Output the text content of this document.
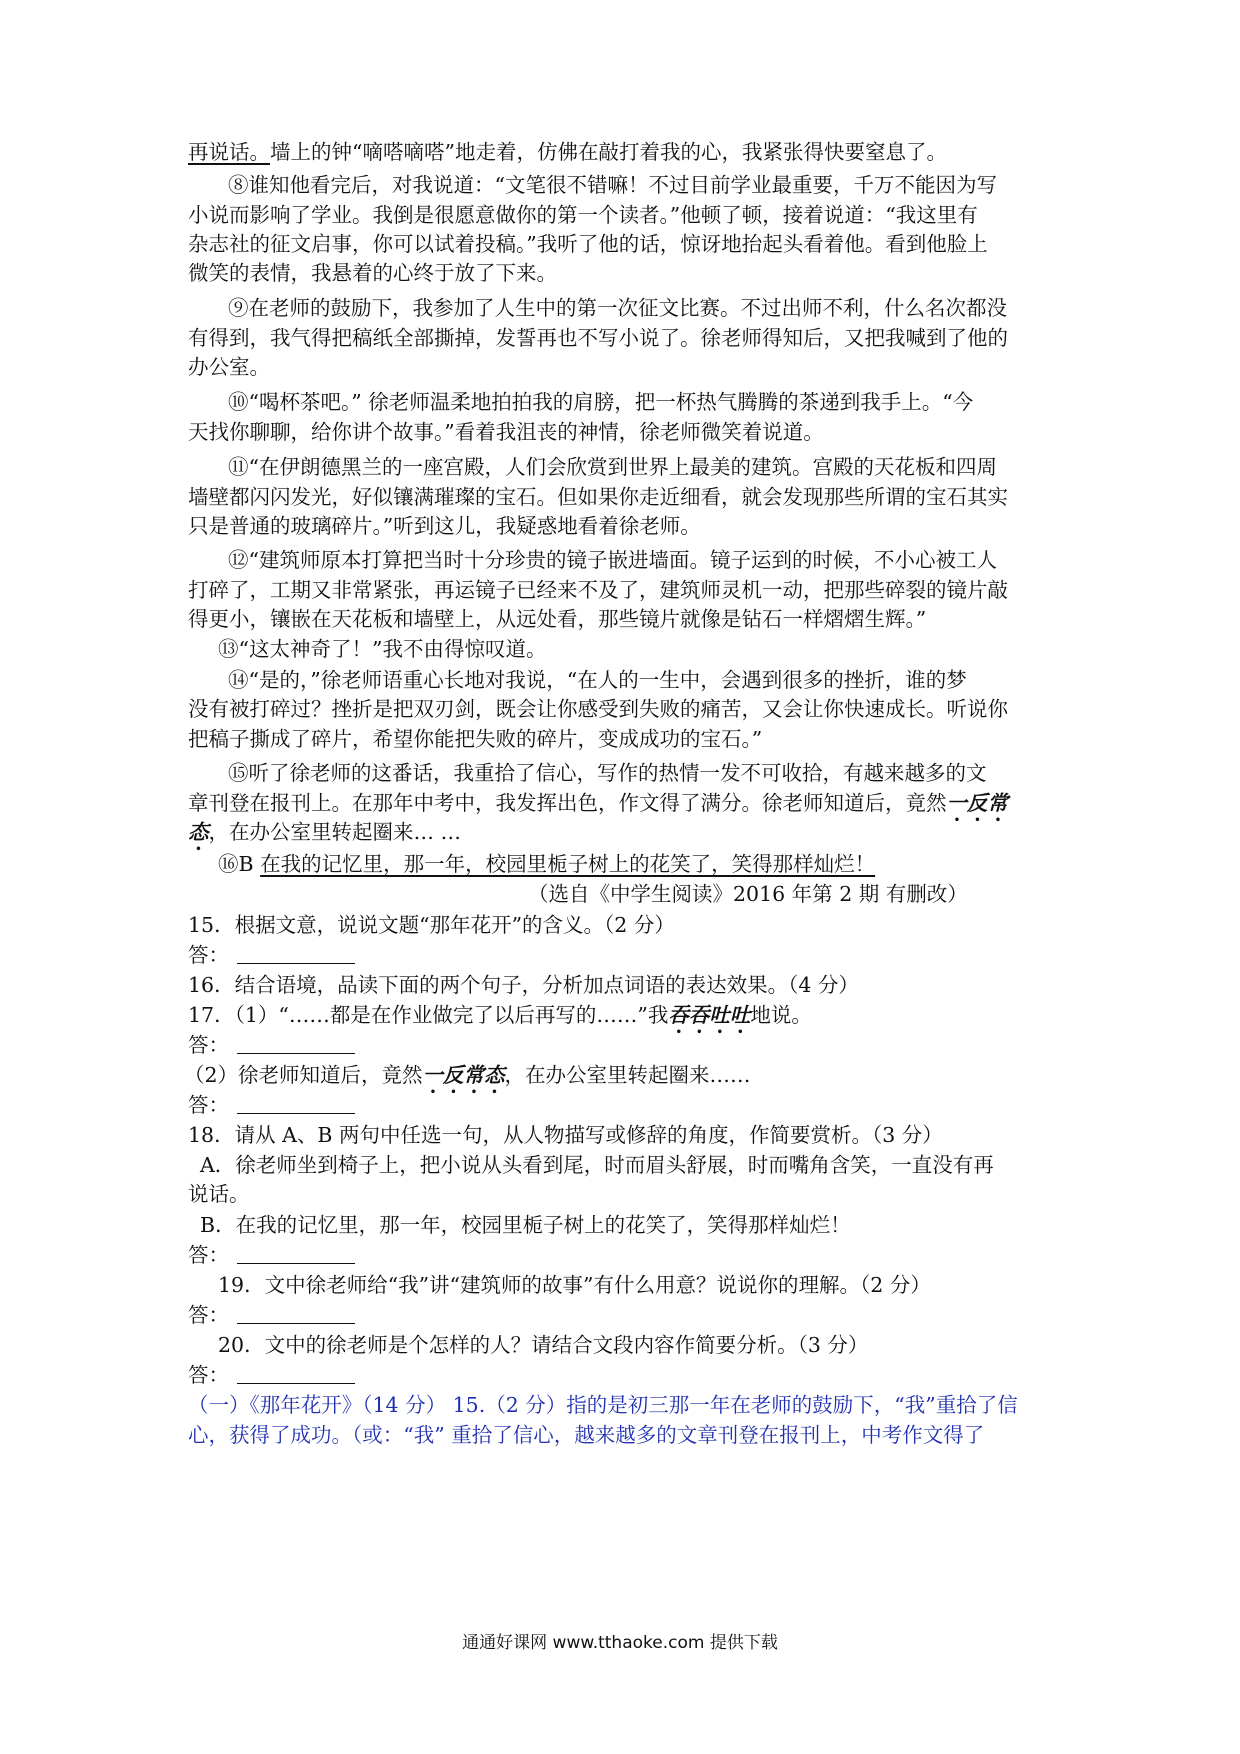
再说话。墙上的钟“嘀嗒嘀嗒”地走着，仿佛在敲打着我的心，我紧张得快要窒息了。
⑧谁知他看完后，对我说道：“文笔很不错嘛！不过目前学业最重要，千万不能因为写
小说而影响了学业。我倒是很愿意做你的第一个读者。”他顿了顿，接着说道：“我这里有
杂志社的征文启事，你可以试着投稿。”我听了他的话，惊讶地抬起头看着他。看到他脸上
微笑的表情，我悬着的心终于放了下来。
⑨在老师的鼓励下，我参加了人生中的第一次征文比赛。不过出师不利，什么名次都没
有得到，我气得把稿纸全部撕掉，发誓再也不写小说了。徐老师得知后，又把我喊到了他的
办公室。
⑩“喝杯茶吧。” 徐老师温柔地拍拍我的肩膀，把一杯热气腾腾的茶递到我手上。“今
天找你聊聊，给你讲个故事。”看着我沮丧的神情，徐老师微笑着说道。
⑪“在伊朗德黑兰的一座宫殿，人们会欣赏到世界上最美的建筑。宫殿的天花板和四周
墙壁都闪闪发光，好似镶满璀璨的宝石。但如果你走近细看，就会发现那些所谓的宝石其实
只是普通的玻璃碎片。”听到这儿，我疑惑地看着徐老师。
⑫“建筑师原本打算把当时十分珍贵的镜子嵌进墙面。镜子运到的时候，不小心被工人
打碎了，工期又非常紧张，再运镜子已经来不及了，建筑师灵机一动，把那些碎裂的镜片敲
得更小，镶嵌在天花板和墙壁上，从远处看，那些镜片就像是钻石一样熠熠生辉。”
⑬“这太神奇了！”我不由得惊叹道。
⑭“是的，”徐老师语重心长地对我说，“在人的一生中，会遇到很多的挫折，谁的梦
没有被打碎过？挫折是把双刃剑，既会让你感受到失败的痛苦，又会让你快速成长。听说你
把稿子撕成了碎片，希望你能把失败的碎片，变成成功的宝石。”
⑮听了徐老师的这番话，我重拾了信心，写作的热情一发不可收拾，有越来越多的文
章刊登在报刊上。在那年中考中，我发挥出色，作文得了满分。徐老师知道后，竟然一反常
态，在办公室里转起圈来… …
⑯B 在我的记忆里，那一年，校园里栀子树上的花笑了，笑得那样灿烂！
（选自《中学生阅读》2016 年第 2 期 有删改）
15．根据文意，说说文题“那年花开”的含义。（2 分）
答：
16．结合语境，品读下面的两个句子，分析加点词语的表达效果。（4 分）
17．（1）“……都是在作业做完了以后再写的……”我吞吞吐吐地说。
答：
（2）徐老师知道后，竟然一反常态，在办公室里转起圈来……
答：
18．请从 A、B 两句中任选一句，从人物描写或修辞的角度，作简要赏析。（3 分）
A．徐老师坐到椅子上，把小说从头看到尾，时而眉头舒展，时而嘴角含笑，一直没有再
说话。
B．在我的记忆里，那一年，校园里栀子树上的花笑了，笑得那样灿烂！
答：
19．文中徐老师给“我”讲“建筑师的故事”有什么用意？说说你的理解。（2 分）
答：
20．文中的徐老师是个怎样的人？请结合文段内容作简要分析。（3 分）
答：
（一）《那年花开》（14 分） 15.（2 分）指的是初三那一年在老师的鼓励下，“我”重拾了信
心，获得了成功。（或：“我” 重拾了信心，越来越多的文章刊登在报刊上，中考作文得了
通通好课网 www.tthaoke.com 提供下载
